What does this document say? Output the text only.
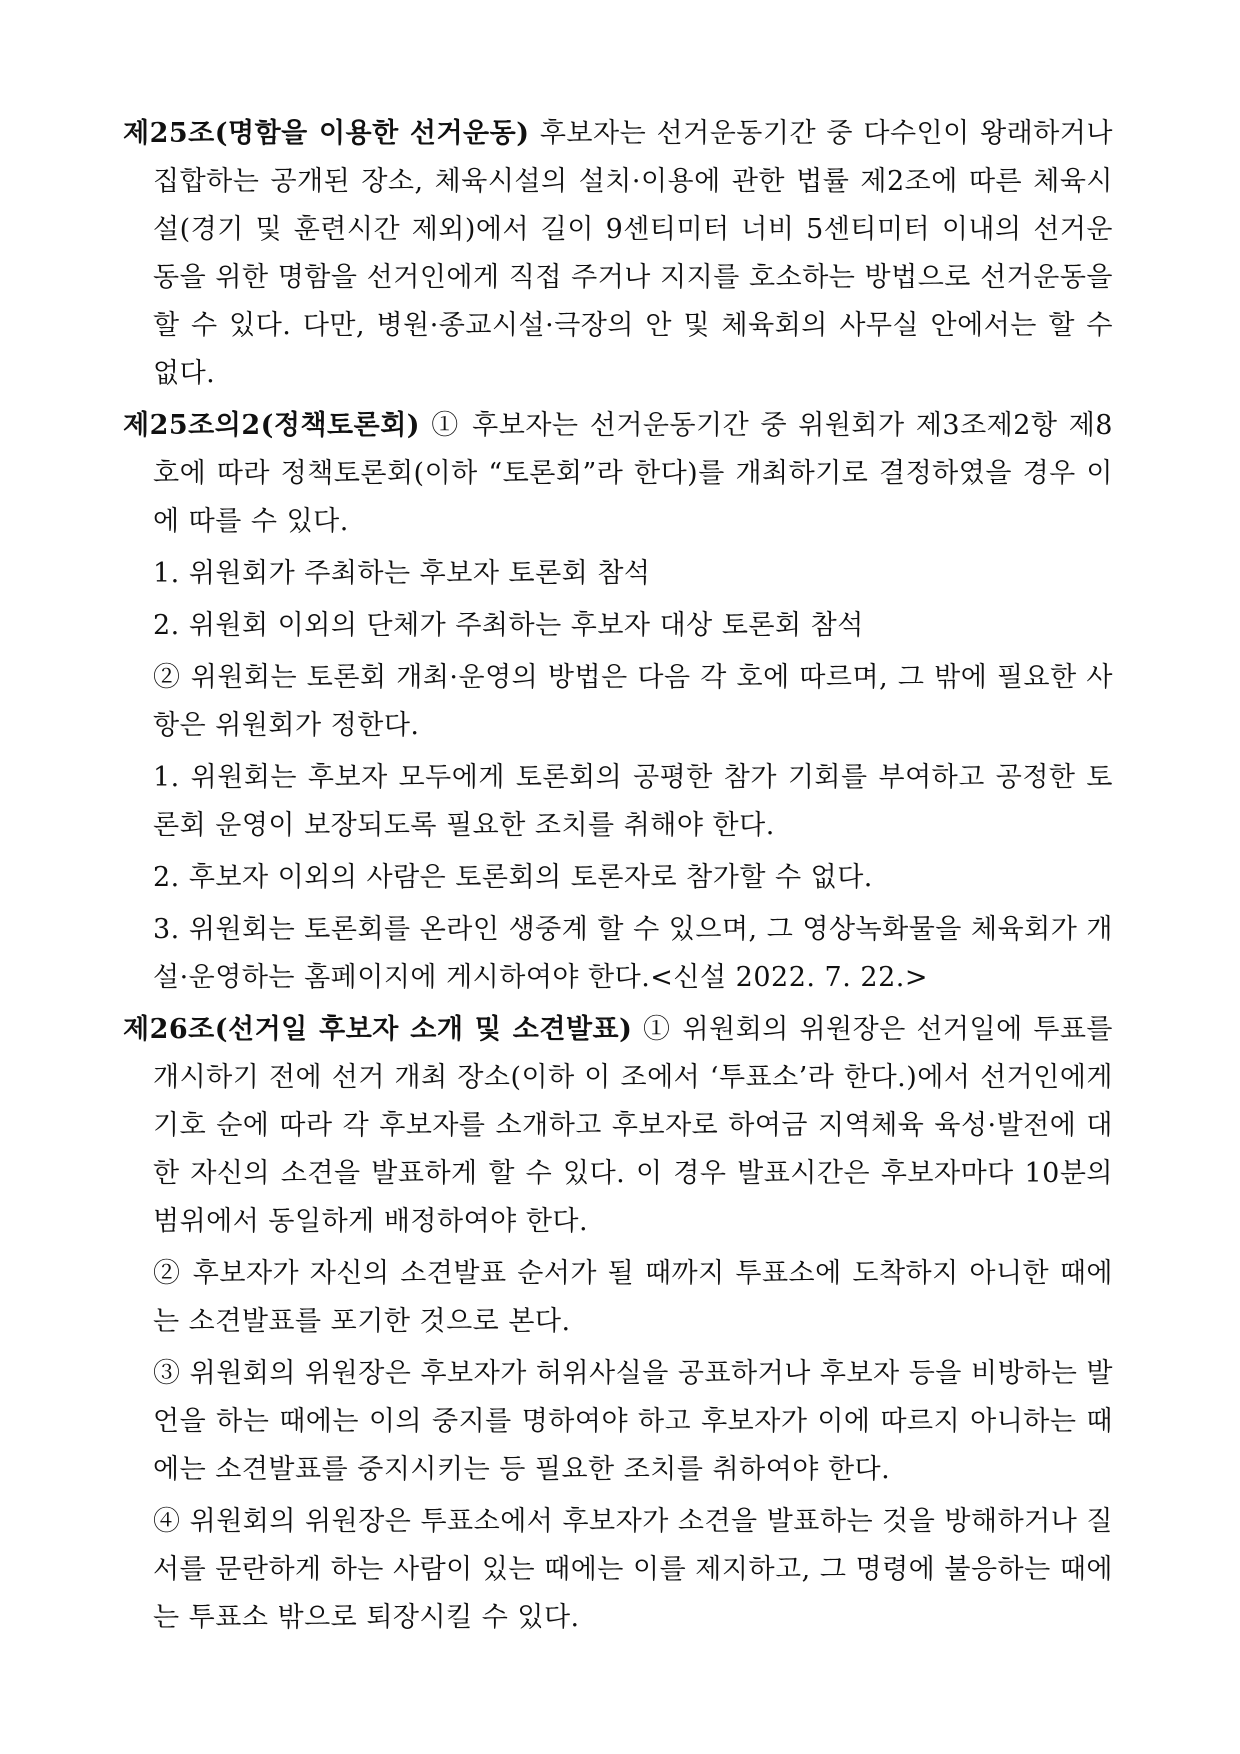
제25조(명함을 이용한 선거운동) 후보자는 선거운동기간 중 다수인이 왕래하거나 집합하는 공개된 장소, 체육시설의 설치·이용에 관한 법률 제2조에 따른 체육시설(경기 및 훈련시간 제외)에서 길이 9센티미터 너비 5센티미터 이내의 선거운동을 위한 명함을 선거인에게 직접 주거나 지지를 호소하는 방법으로 선거운동을 할 수 있다. 다만, 병원·종교시설·극장의 안 및 체육회의 사무실 안에서는 할 수 없다.

제25조의2(정책토론회) ① 후보자는 선거운동기간 중 위원회가 제3조제2항 제8호에 따라 정책토론회(이하 “토론회”라 한다)를 개최하기로 결정하였을 경우 이에 따를 수 있다.

1. 위원회가 주최하는 후보자 토론회 참석

2. 위원회 이외의 단체가 주최하는 후보자 대상 토론회 참석

② 위원회는 토론회 개최·운영의 방법은 다음 각 호에 따르며, 그 밖에 필요한 사항은 위원회가 정한다.

1. 위원회는 후보자 모두에게 토론회의 공평한 참가 기회를 부여하고 공정한 토론회 운영이 보장되도록 필요한 조치를 취해야 한다.

2. 후보자 이외의 사람은 토론회의 토론자로 참가할 수 없다.

3. 위원회는 토론회를 온라인 생중계 할 수 있으며, 그 영상녹화물을 체육회가 개설·운영하는 홈페이지에 게시하여야 한다.<신설 2022. 7. 22.>

제26조(선거일 후보자 소개 및 소견발표) ① 위원회의 위원장은 선거일에 투표를 개시하기 전에 선거 개최 장소(이하 이 조에서 ‘투표소’라 한다.)에서 선거인에게 기호 순에 따라 각 후보자를 소개하고 후보자로 하여금 지역체육 육성·발전에 대한 자신의 소견을 발표하게 할 수 있다. 이 경우 발표시간은 후보자마다 10분의 범위에서 동일하게 배정하여야 한다.

② 후보자가 자신의 소견발표 순서가 될 때까지 투표소에 도착하지 아니한 때에는 소견발표를 포기한 것으로 본다.

③ 위원회의 위원장은 후보자가 허위사실을 공표하거나 후보자 등을 비방하는 발언을 하는 때에는 이의 중지를 명하여야 하고 후보자가 이에 따르지 아니하는 때에는 소견발표를 중지시키는 등 필요한 조치를 취하여야 한다.

④ 위원회의 위원장은 투표소에서 후보자가 소견을 발표하는 것을 방해하거나 질서를 문란하게 하는 사람이 있는 때에는 이를 제지하고, 그 명령에 불응하는 때에는 투표소 밖으로 퇴장시킬 수 있다.
